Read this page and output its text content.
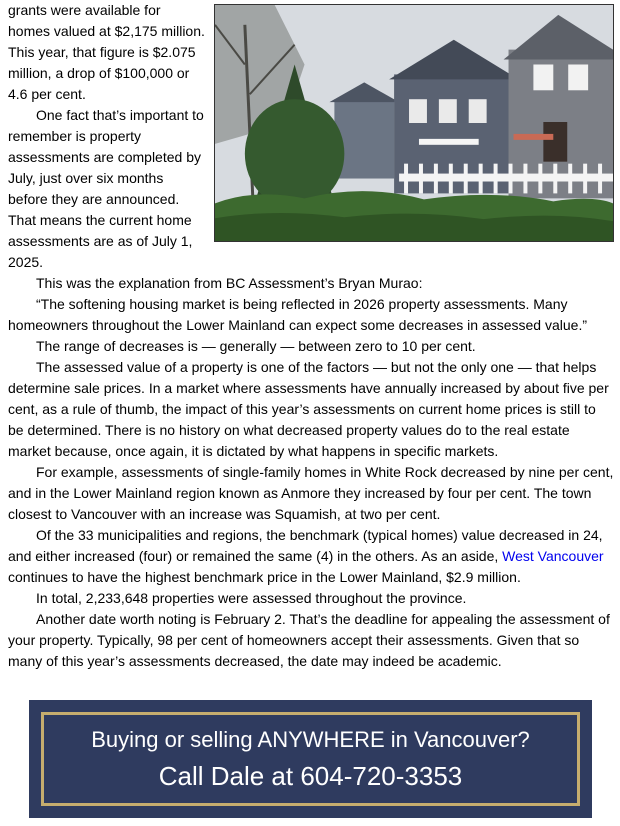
grants were available for homes valued at $2,175 million. This year, that figure is $2.075 million, a drop of $100,000 or 4.6 per cent.

One fact that’s important to remember is property assessments are completed by July, just over six months before they are announced. That means the current home assessments are as of July 1, 2025.

This was the explanation from BC Assessment’s Bryan Murao:

“The softening housing market is being reflected in 2026 property assessments. Many homeowners throughout the Lower Mainland can expect some decreases in assessed value.”

The range of decreases is — generally — between zero to 10 per cent.

The assessed value of a property is one of the factors — but not the only one — that helps determine sale prices. In a market where assessments have annually increased by about five per cent, as a rule of thumb, the impact of this year’s assessments on current home prices is still to be determined. There is no history on what decreased property values do to the real estate market because, once again, it is dictated by what happens in specific markets.

For example, assessments of single-family homes in White Rock decreased by nine per cent, and in the Lower Mainland region known as Anmore they increased by four per cent. The town closest to Vancouver with an increase was Squamish, at two per cent.

Of the 33 municipalities and regions, the benchmark (typical homes) value decreased in 24, and either increased (four) or remained the same (4) in the others. As an aside, West Vancouver continues to have the highest benchmark price in the Lower Mainland, $2.9 million.

In total, 2,233,648 properties were assessed throughout the province.

Another date worth noting is February 2. That’s the deadline for appealing the assessment of your property. Typically, 98 per cent of homeowners accept their assessments. Given that so many of this year’s assessments decreased, the date may indeed be academic.

Buying or selling ANYWHERE in Vancouver?
Call Dale at 604-720-3353
